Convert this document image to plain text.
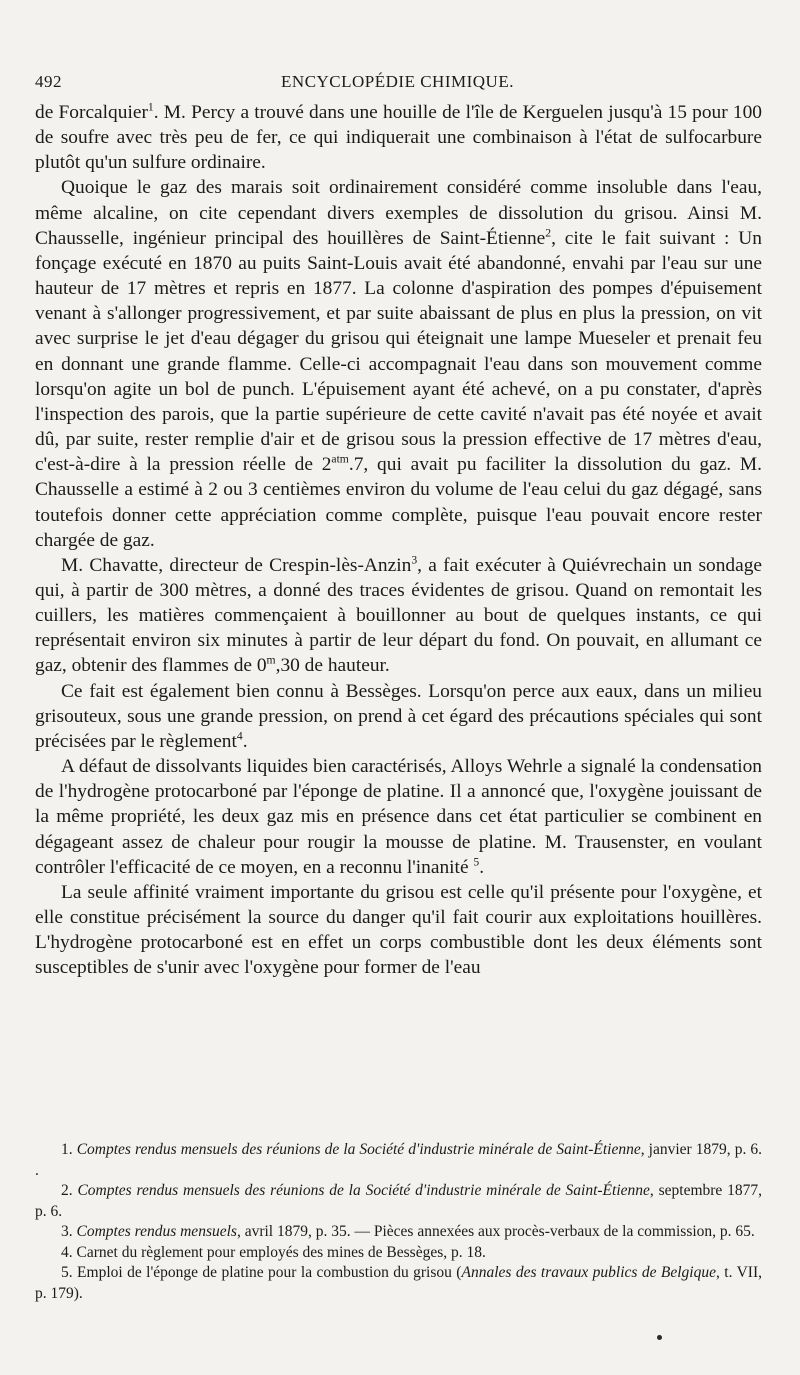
492	ENCYCLOPÉDIE CHIMIQUE.

de Forcalquier$^1$. M. Percy a trouvé dans une houille de l'île de Kerguelen jusqu'à 15 pour 100 de soufre avec très peu de fer, ce qui indiquerait une combinaison à l'état de sulfocarbure plutôt qu'un sulfure ordinaire.

Quoique le gaz des marais soit ordinairement considéré comme insoluble dans l'eau, même alcaline, on cite cependant divers exemples de dissolution du grisou. Ainsi M. Chausselle, ingénieur principal des houillères de Saint-Étienne$^2$, cite le fait suivant : Un fonçage exécuté en 1870 au puits Saint-Louis avait été abandonné, envahi par l'eau sur une hauteur de 17 mètres et repris en 1877. La colonne d'aspiration des pompes d'épuisement venant à s'allonger progressivement, et par suite abaissant de plus en plus la pression, on vit avec surprise le jet d'eau dégager du grisou qui éteignait une lampe Mueseler et prenait feu en donnant une grande flamme. Celle-ci accompagnait l'eau dans son mouvement comme lorsqu'on agite un bol de punch. L'épuisement ayant été achevé, on a pu constater, d'après l'inspection des parois, que la partie supérieure de cette cavité n'avait pas été noyée et avait dû, par suite, rester remplie d'air et de grisou sous la pression effective de 17 mètres d'eau, c'est-à-dire à la pression réelle de $2^{atm}.7$, qui avait pu faciliter la dissolution du gaz. M. Chausselle a estimé à 2 ou 3 centièmes environ du volume de l'eau celui du gaz dégagé, sans toutefois donner cette appréciation comme complète, puisque l'eau pouvait encore rester chargée de gaz.

M. Chavatte, directeur de Crespin-lès-Anzin$^3$, a fait exécuter à Quiévrechain un sondage qui, à partir de 300 mètres, a donné des traces évidentes de grisou. Quand on remontait les cuillers, les matières commençaient à bouillonner au bout de quelques instants, ce qui représentait environ six minutes à partir de leur départ du fond. On pouvait, en allumant ce gaz, obtenir des flammes de 0$^m$,30 de hauteur.

Ce fait est également bien connu à Bessèges. Lorsqu'on perce aux eaux, dans un milieu grisouteux, sous une grande pression, on prend à cet égard des précautions spéciales qui sont précisées par le règlement$^4$.

A défaut de dissolvants liquides bien caractérisés, Alloys Wehrle a signalé la condensation de l'hydrogène protocarboné par l'éponge de platine. Il a annoncé que, l'oxygène jouissant de la même propriété, les deux gaz mis en présence dans cet état particulier se combinent en dégageant assez de chaleur pour rougir la mousse de platine. M. Trausenster, en voulant contrôler l'efficacité de ce moyen, en a reconnu l'inanité $^5$.

La seule affinité vraiment importante du grisou est celle qu'il présente pour l'oxygène, et elle constitue précisément la source du danger qu'il fait courir aux exploitations houillères. L'hydrogène protocarboné est en effet un corps combustible dont les deux éléments sont susceptibles de s'unir avec l'oxygène pour former de l'eau

1. Comptes rendus mensuels des réunions de la Société d'industrie minérale de Saint-Étienne, janvier 1879, p. 6. .

2. Comptes rendus mensuels des réunions de la Société d'industrie minérale de Saint-Étienne, septembre 1877, p. 6.

3. Comptes rendus mensuels, avril 1879, p. 35. — Pièces annexées aux procès-verbaux de la commission, p. 65.

4. Carnet du règlement pour employés des mines de Bessèges, p. 18.

5. Emploi de l'éponge de platine pour la combustion du grisou (Annales des travaux publics de Belgique, t. VII, p. 179).
